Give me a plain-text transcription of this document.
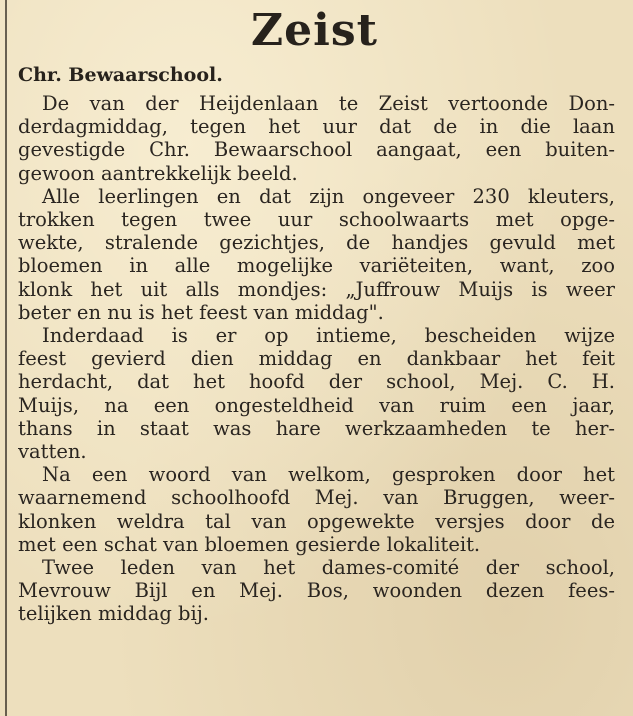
Zeist
Chr. Bewaarschool.
De van der Heijdenlaan te Zeist vertoonde Don-
derdagmiddag, tegen het uur dat de in die laan
gevestigde Chr. Bewaarschool aangaat, een buiten-
gewoon aantrekkelijk beeld.
Alle leerlingen en dat zijn ongeveer 230 kleuters,
trokken tegen twee uur schoolwaarts met opge-
wekte, stralende gezichtjes, de handjes gevuld met
bloemen in alle mogelijke variëteiten, want, zoo
klonk het uit alls mondjes: „Juffrouw Muijs is weer
beter en nu is het feest van middag".
Inderdaad is er op intieme, bescheiden wijze
feest gevierd dien middag en dankbaar het feit
herdacht, dat het hoofd der school, Mej. C. H.
Muijs, na een ongesteldheid van ruim een jaar,
thans in staat was hare werkzaamheden te her-
vatten.
Na een woord van welkom, gesproken door het
waarnemend schoolhoofd Mej. van Bruggen, weer-
klonken weldra tal van opgewekte versjes door de
met een schat van bloemen gesierde lokaliteit.
Twee leden van het dames-comité der school,
Mevrouw Bijl en Mej. Bos, woonden dezen fees-
telijken middag bij.
